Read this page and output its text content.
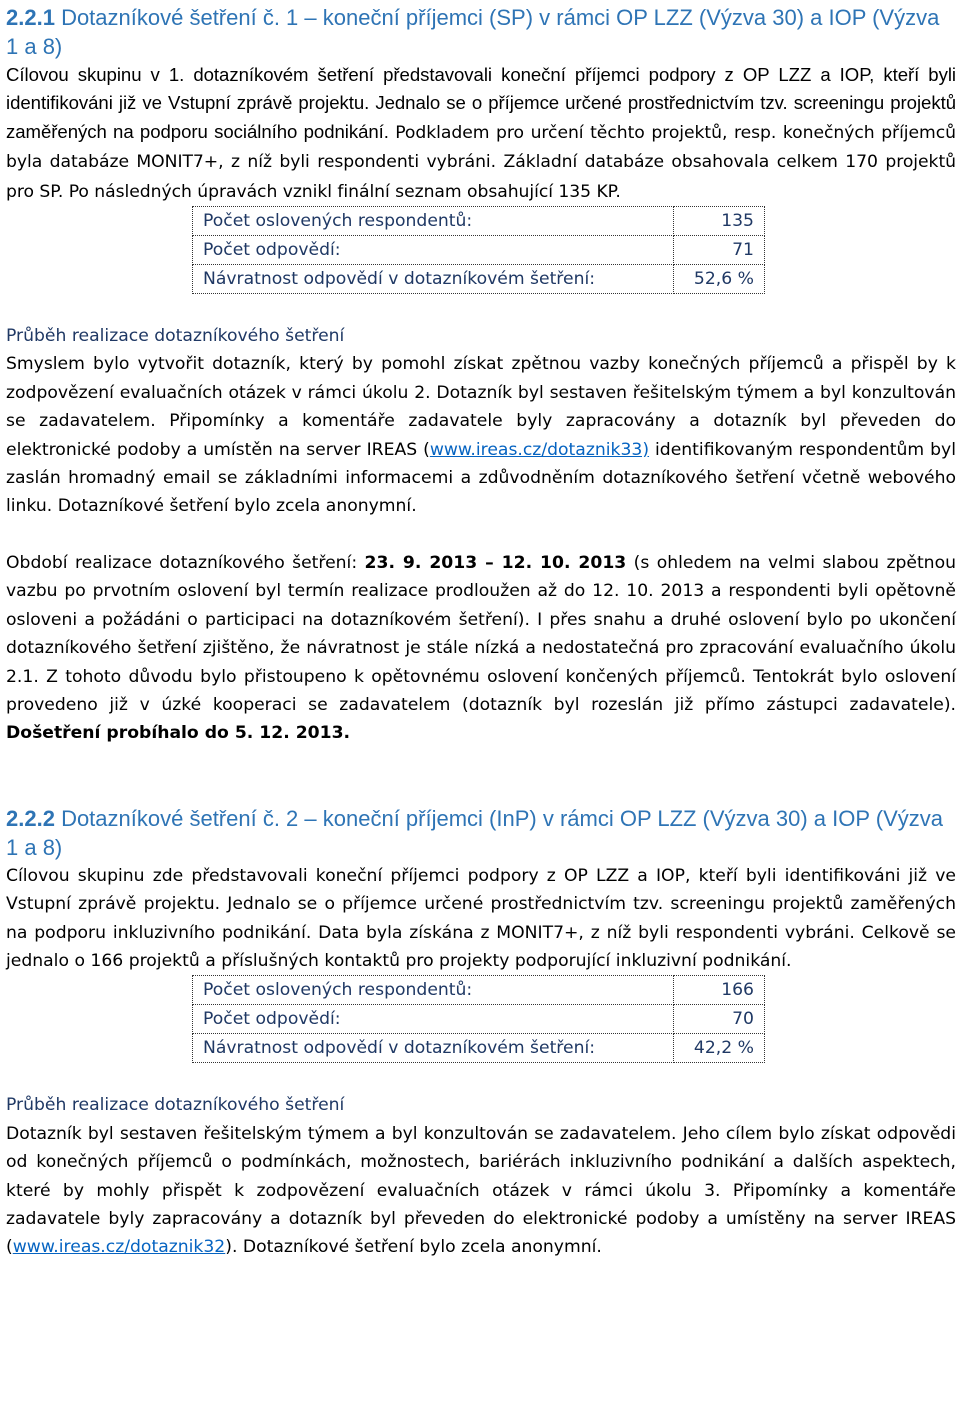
2.2.1 Dotazníkové šetření č. 1 – koneční příjemci (SP) v rámci OP LZZ (Výzva 30) a IOP (Výzva 1 a 8)

Cílovou skupinu v 1. dotazníkovém šetření představovali koneční příjemci podpory z OP LZZ a IOP, kteří byli identifikováni již ve Vstupní zprávě projektu. Jednalo se o příjemce určené prostřednictvím tzv. screeningu projektů zaměřených na podporu sociálního podnikání. Podkladem pro určení těchto projektů, resp. konečných příjemců byla databáze MONIT7+, z níž byli respondenti vybráni. Základní databáze obsahovala celkem 170 projektů pro SP. Po následných úpravách vznikl finální seznam obsahující 135 KP.

Počet oslovených respondentů:	135
Počet odpovědí:	71
Návratnost odpovědí v dotazníkovém šetření:	52,6 %
Průběh realizace dotazníkového šetření

Smyslem bylo vytvořit dotazník, který by pomohl získat zpětnou vazby konečných příjemců a přispěl by k zodpovězení evaluačních otázek v rámci úkolu 2. Dotazník byl sestaven řešitelským týmem a byl konzultován se zadavatelem. Připomínky a komentáře zadavatele byly zapracovány a dotazník byl převeden do elektronické podoby a umístěn na server IREAS (www.ireas.cz/dotaznik33) identifikovaným respondentům byl zaslán hromadný email se základními informacemi a zdůvodněním dotazníkového šetření včetně webového linku. Dotazníkové šetření bylo zcela anonymní.

Období realizace dotazníkového šetření: 23. 9. 2013 – 12. 10. 2013 (s ohledem na velmi slabou zpětnou vazbu po prvotním oslovení byl termín realizace prodloužen až do 12. 10. 2013 a respondenti byli opětovně osloveni a požádáni o participaci na dotazníkovém šetření). I přes snahu a druhé oslovení bylo po ukončení dotazníkového šetření zjištěno, že návratnost je stále nízká a nedostatečná pro zpracování evaluačního úkolu 2.1. Z tohoto důvodu bylo přistoupeno k opětovnému oslovení končených příjemců. Tentokrát bylo oslovení provedeno již v úzké kooperaci se zadavatelem (dotazník byl rozeslán již přímo zástupci zadavatele). Došetření probíhalo do 5. 12. 2013.

2.2.2 Dotazníkové šetření č. 2 – koneční příjemci (InP) v rámci OP LZZ (Výzva 30) a IOP (Výzva 1 a 8)

Cílovou skupinu zde představovali koneční příjemci podpory z OP LZZ a IOP, kteří byli identifikováni již ve Vstupní zprávě projektu. Jednalo se o příjemce určené prostřednictvím tzv. screeningu projektů zaměřených na podporu inkluzivního podnikání. Data byla získána z MONIT7+, z níž byli respondenti vybráni. Celkově se jednalo o 166 projektů a příslušných kontaktů pro projekty podporující inkluzivní podnikání.

Počet oslovených respondentů:	166
Počet odpovědí:	70
Návratnost odpovědí v dotazníkovém šetření:	42,2 %
Průběh realizace dotazníkového šetření

Dotazník byl sestaven řešitelským týmem a byl konzultován se zadavatelem. Jeho cílem bylo získat odpovědi od konečných příjemců o podmínkách, možnostech, bariérách inkluzivního podnikání a dalších aspektech, které by mohly přispět k zodpovězení evaluačních otázek v rámci úkolu 3. Připomínky a komentáře zadavatele byly zapracovány a dotazník byl převeden do elektronické podoby a umístěny na server IREAS (www.ireas.cz/dotaznik32). Dotazníkové šetření bylo zcela anonymní.
